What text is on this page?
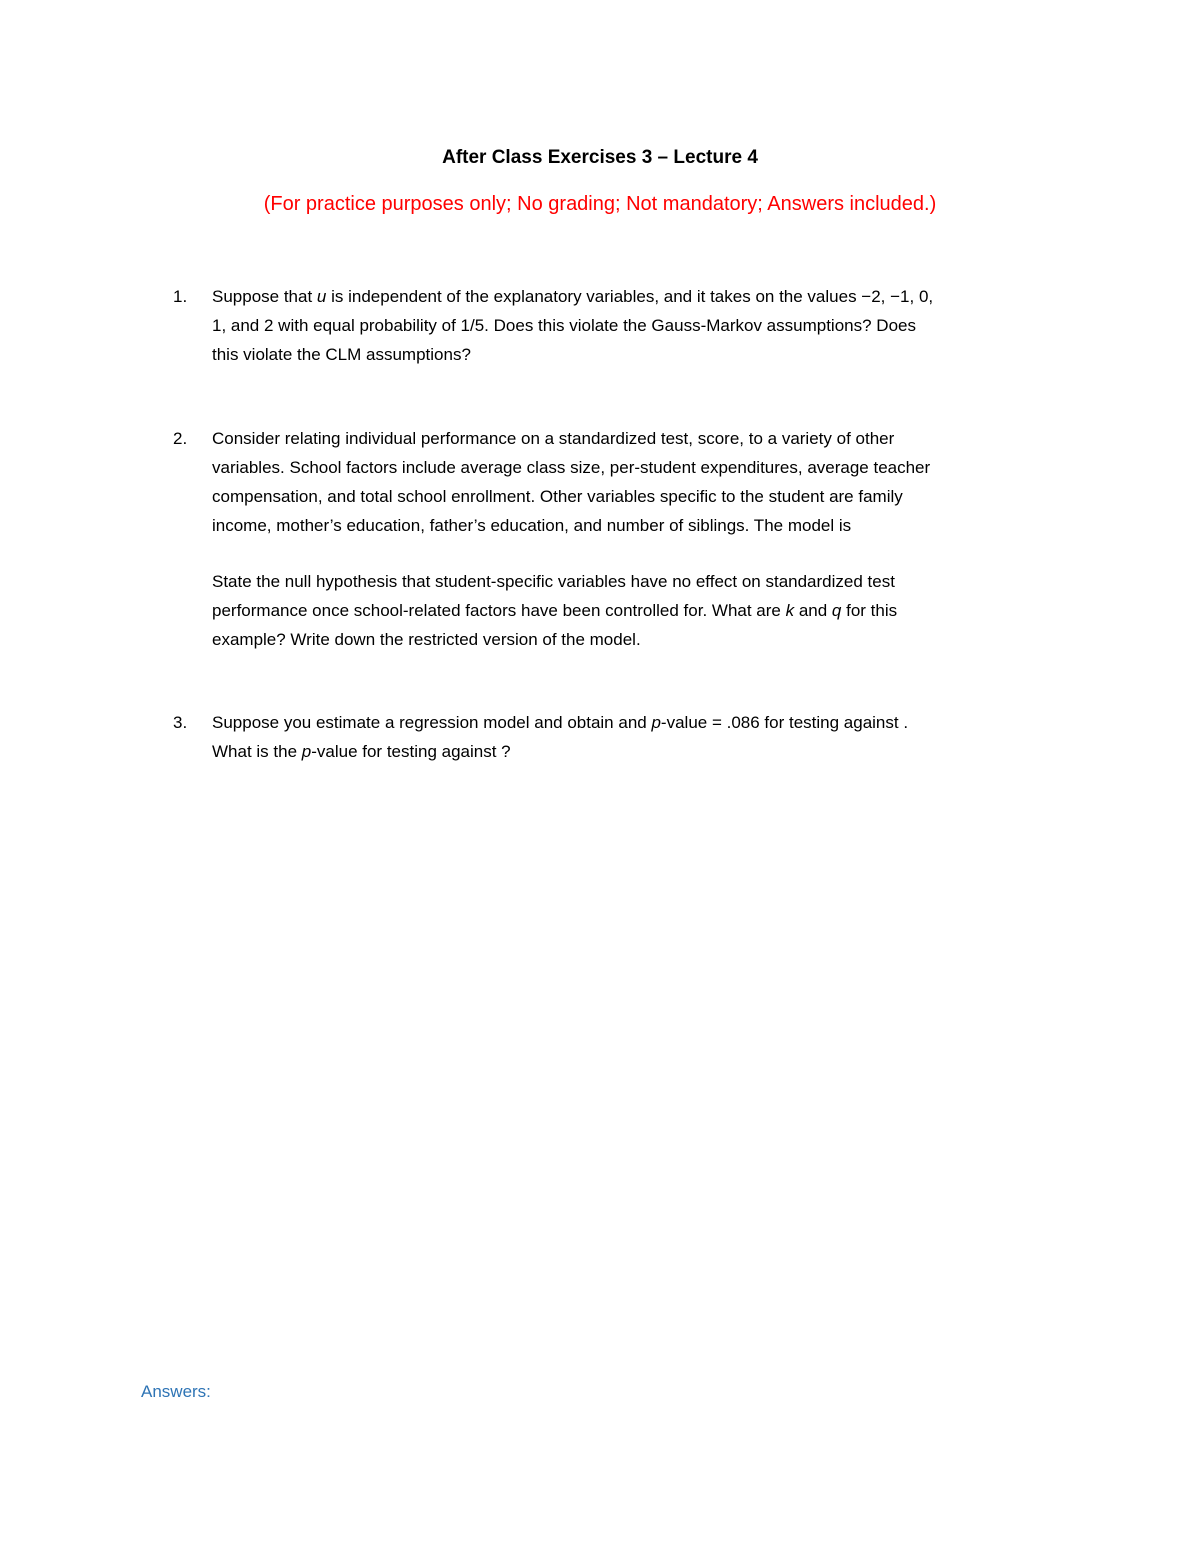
After Class Exercises 3 – Lecture 4
(For practice purposes only; No grading; Not mandatory; Answers included.)
1. Suppose that u is independent of the explanatory variables, and it takes on the values −2, −1, 0,
1, and 2 with equal probability of 1/5. Does this violate the Gauss-Markov assumptions? Does
this violate the CLM assumptions?
2. Consider relating individual performance on a standardized test, score, to a variety of other
variables. School factors include average class size, per-student expenditures, average teacher
compensation, and total school enrollment. Other variables specific to the student are family
income, mother’s education, father’s education, and number of siblings. The model is
State the null hypothesis that student-specific variables have no effect on standardized test
performance once school-related factors have been controlled for. What are k and q for this
example? Write down the restricted version of the model.
3. Suppose you estimate a regression model and obtain and p-value = .086 for testing against .
What is the p-value for testing against ?
Answers:
